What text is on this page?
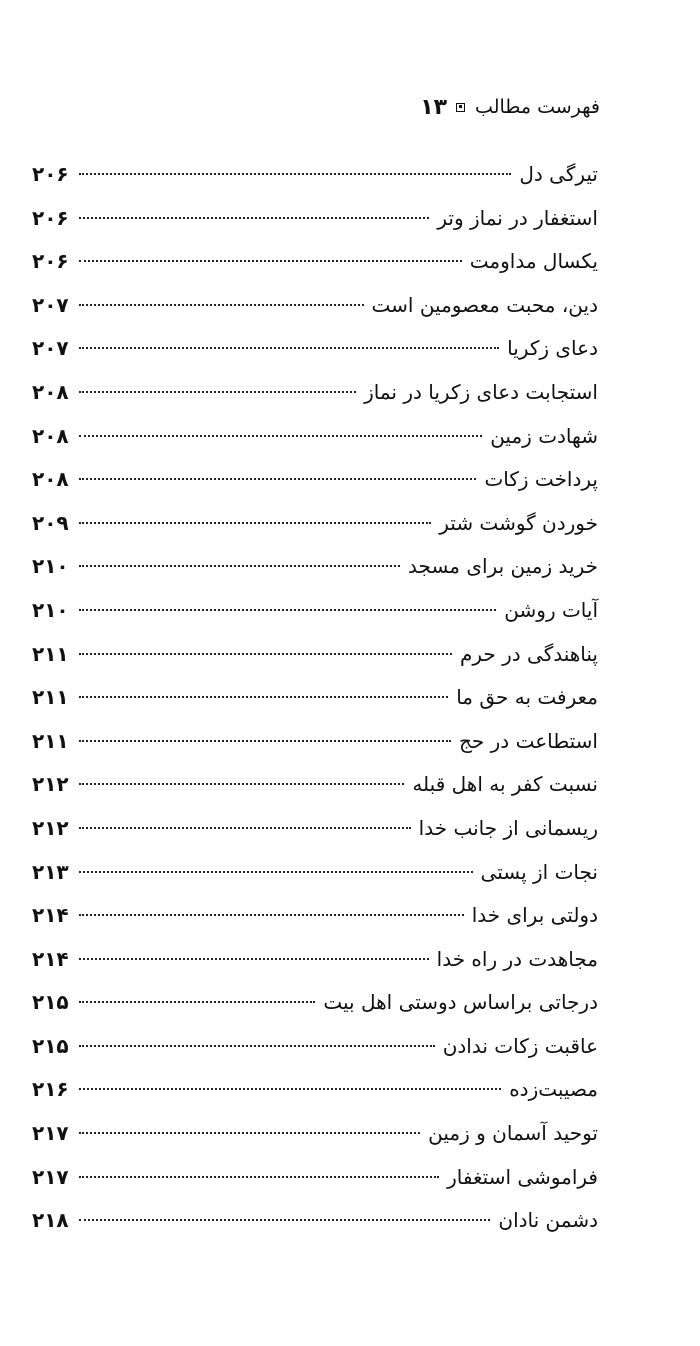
۱۳ فهرست مطالب
تیرگی دل
۲۰۶
استغفار در نماز وتر
۲۰۶
یکسال مداومت
۲۰۶
دین، محبت معصومین است
۲۰۷
دعای زکریا
۲۰۷
استجابت دعای زکریا در نماز
۲۰۸
شهادت زمین
۲۰۸
پرداخت زکات
۲۰۸
خوردن گوشت شتر
۲۰۹
خرید زمین برای مسجد
۲۱۰
آیات روشن
۲۱۰
پناهندگی در حرم
۲۱۱
معرفت به حق ما
۲۱۱
استطاعت در حج
۲۱۱
نسبت کفر به اهل قبله
۲۱۲
ریسمانی از جانب خدا
۲۱۲
نجات از پستی
۲۱۳
دولتی برای خدا
۲۱۴
مجاهدت در راه خدا
۲۱۴
درجاتی براساس دوستی اهل بیت
۲۱۵
عاقبت زکات ندادن
۲۱۵
مصیبت‌زده
۲۱۶
توحید آسمان و زمین
۲۱۷
فراموشی استغفار
۲۱۷
دشمن نادان
۲۱۸
